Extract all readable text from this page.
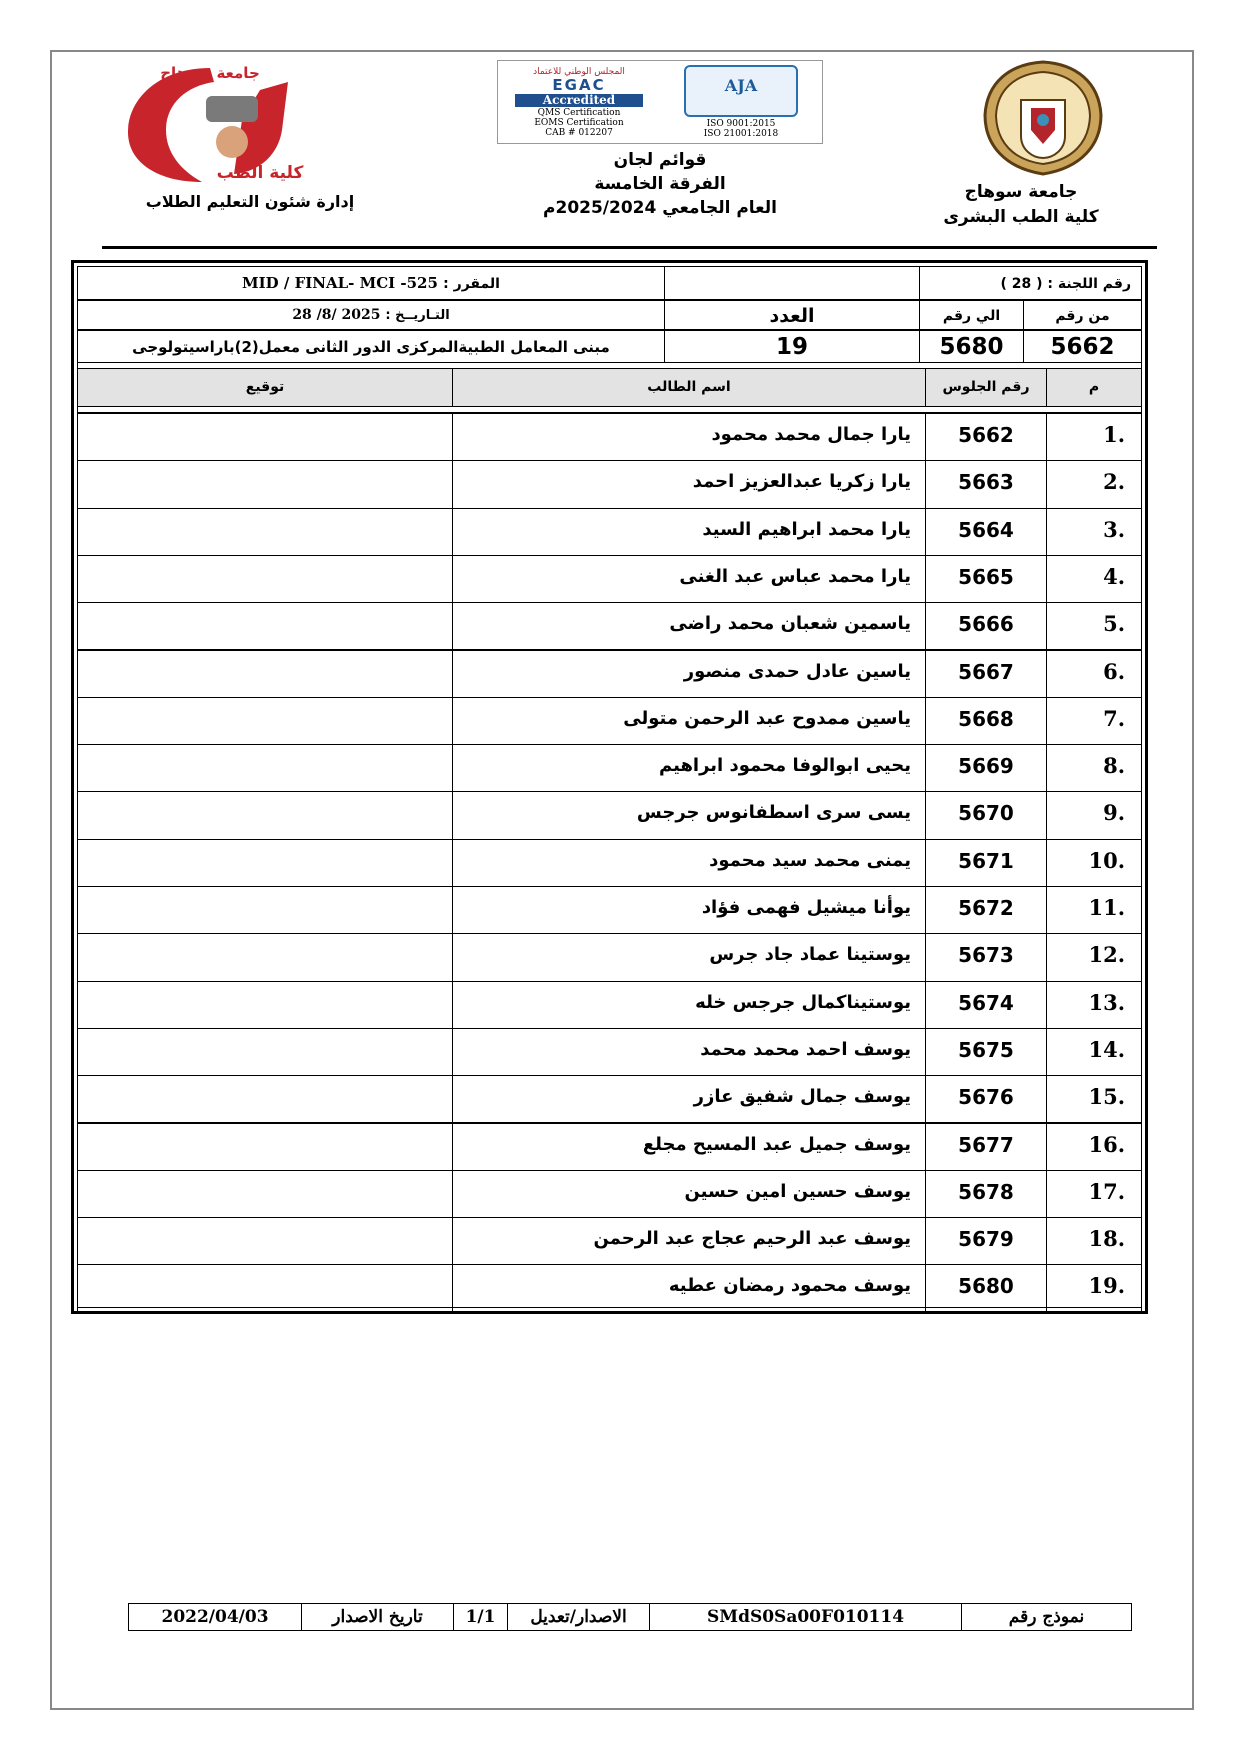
جامعة سوهاج
كلية الطب البشرى
AJA
ISO 9001:2015
ISO 21001:2018
المجلس الوطني للاعتماد
EGAC
Accredited
QMS Certification
EOMS Certification
CAB # 012207
قوائم لجان
الفرقة الخامسة
العام الجامعي 2025/2024م
جامعة سوهاج
كلية الطب
إدارة شئون التعليم الطلاب
رقم اللجنة : ( 28 )
المقرر : MID / FINAL- MCI -525
من رقم
الي رقم
العدد
التـاريــخ : 28 /8/ 2025
5662
5680
19
مبنى المعامل الطبيةالمركزى الدور الثانى معمل(2)باراسيتولوجى
م
رقم الجلوس
اسم الطالب
توقيع
.1
5662
يارا جمال محمد محمود
.2
5663
يارا زكريا عبدالعزيز احمد
.3
5664
يارا محمد ابراهيم السيد
.4
5665
يارا محمد عباس عبد الغنى
.5
5666
ياسمين شعبان محمد راضى
.6
5667
ياسين عادل حمدى منصور
.7
5668
ياسين ممدوح عبد الرحمن متولى
.8
5669
يحيى ابوالوفا محمود ابراهيم
.9
5670
يسى سرى اسطفانوس جرجس
.10
5671
يمنى محمد سيد محمود
.11
5672
يوأنا ميشيل فهمى فؤاد
.12
5673
يوستينا عماد جاد جرس
.13
5674
يوستيناكمال جرجس خله
.14
5675
يوسف احمد محمد محمد
.15
5676
يوسف جمال شفيق عازر
.16
5677
يوسف جميل عبد المسيح مجلع
.17
5678
يوسف حسين امين حسين
.18
5679
يوسف عبد الرحيم عجاج عبد الرحمن
.19
5680
يوسف محمود رمضان عطيه
نموذج رقم
SMdS0Sa00F010114
الاصدار/تعديل
1/1
تاريخ الاصدار
2022/04/03
